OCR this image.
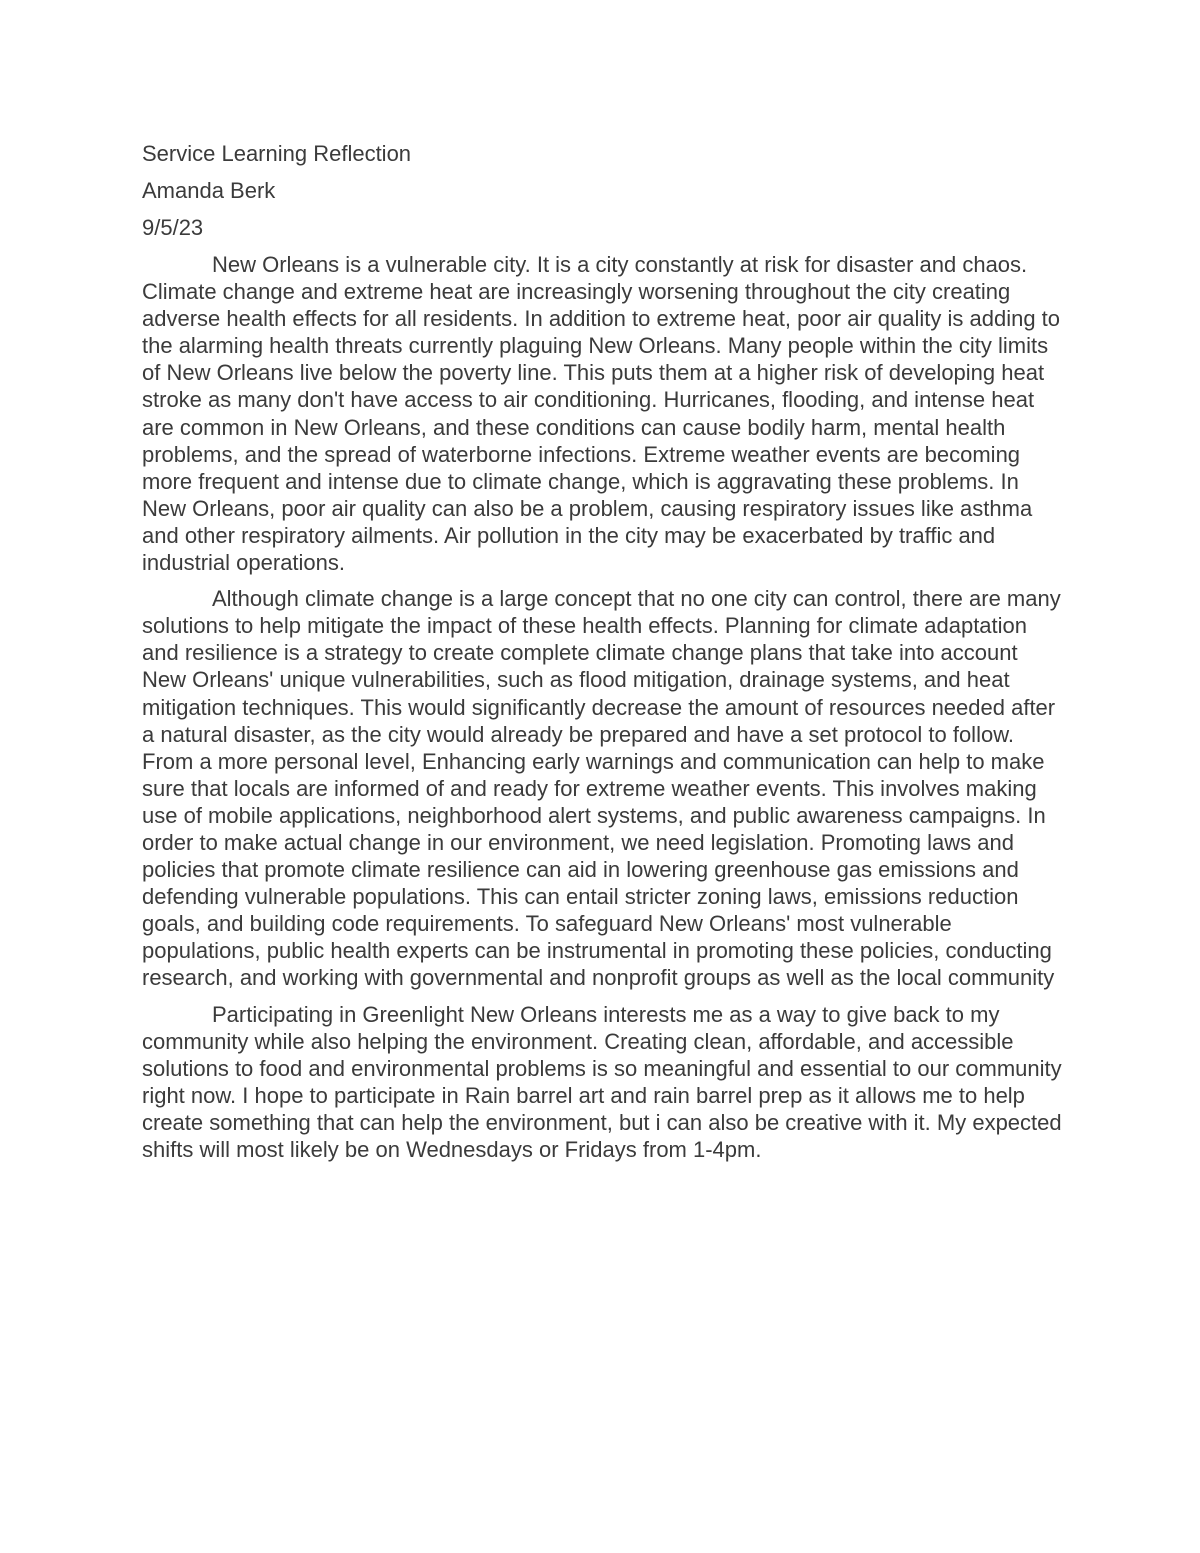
Service Learning Reflection

Amanda Berk

9/5/23

New Orleans is a vulnerable city. It is a city constantly at risk for disaster and chaos. Climate change and extreme heat are increasingly worsening throughout the city creating adverse health effects for all residents. In addition to extreme heat, poor air quality is adding to the alarming health threats currently plaguing New Orleans. Many people within the city limits of New Orleans live below the poverty line. This puts them at a higher risk of developing heat stroke as many don't have access to air conditioning. Hurricanes, flooding, and intense heat are common in New Orleans, and these conditions can cause bodily harm, mental health problems, and the spread of waterborne infections. Extreme weather events are becoming more frequent and intense due to climate change, which is aggravating these problems. In New Orleans, poor air quality can also be a problem, causing respiratory issues like asthma and other respiratory ailments. Air pollution in the city may be exacerbated by traffic and industrial operations.

Although climate change is a large concept that no one city can control, there are many solutions to help mitigate the impact of these health effects. Planning for climate adaptation and resilience is a strategy to create complete climate change plans that take into account New Orleans' unique vulnerabilities, such as flood mitigation, drainage systems, and heat mitigation techniques. This would significantly decrease the amount of resources needed after a natural disaster, as the city would already be prepared and have a set protocol to follow. From a more personal level, Enhancing early warnings and communication can help to make sure that locals are informed of and ready for extreme weather events. This involves making use of mobile applications, neighborhood alert systems, and public awareness campaigns. In order to make actual change in our environment, we need legislation. Promoting laws and policies that promote climate resilience can aid in lowering greenhouse gas emissions and defending vulnerable populations. This can entail stricter zoning laws, emissions reduction goals, and building code requirements. To safeguard New Orleans' most vulnerable populations, public health experts can be instrumental in promoting these policies, conducting research, and working with governmental and nonprofit groups as well as the local community

Participating in Greenlight New Orleans interests me as a way to give back to my community while also helping the environment. Creating clean, affordable, and accessible solutions to food and environmental problems is so meaningful and essential to our community right now. I hope to participate in Rain barrel art and rain barrel prep as it allows me to help create something that can help the environment, but i can also be creative with it. My expected shifts will most likely be on Wednesdays or Fridays from 1-4pm.
